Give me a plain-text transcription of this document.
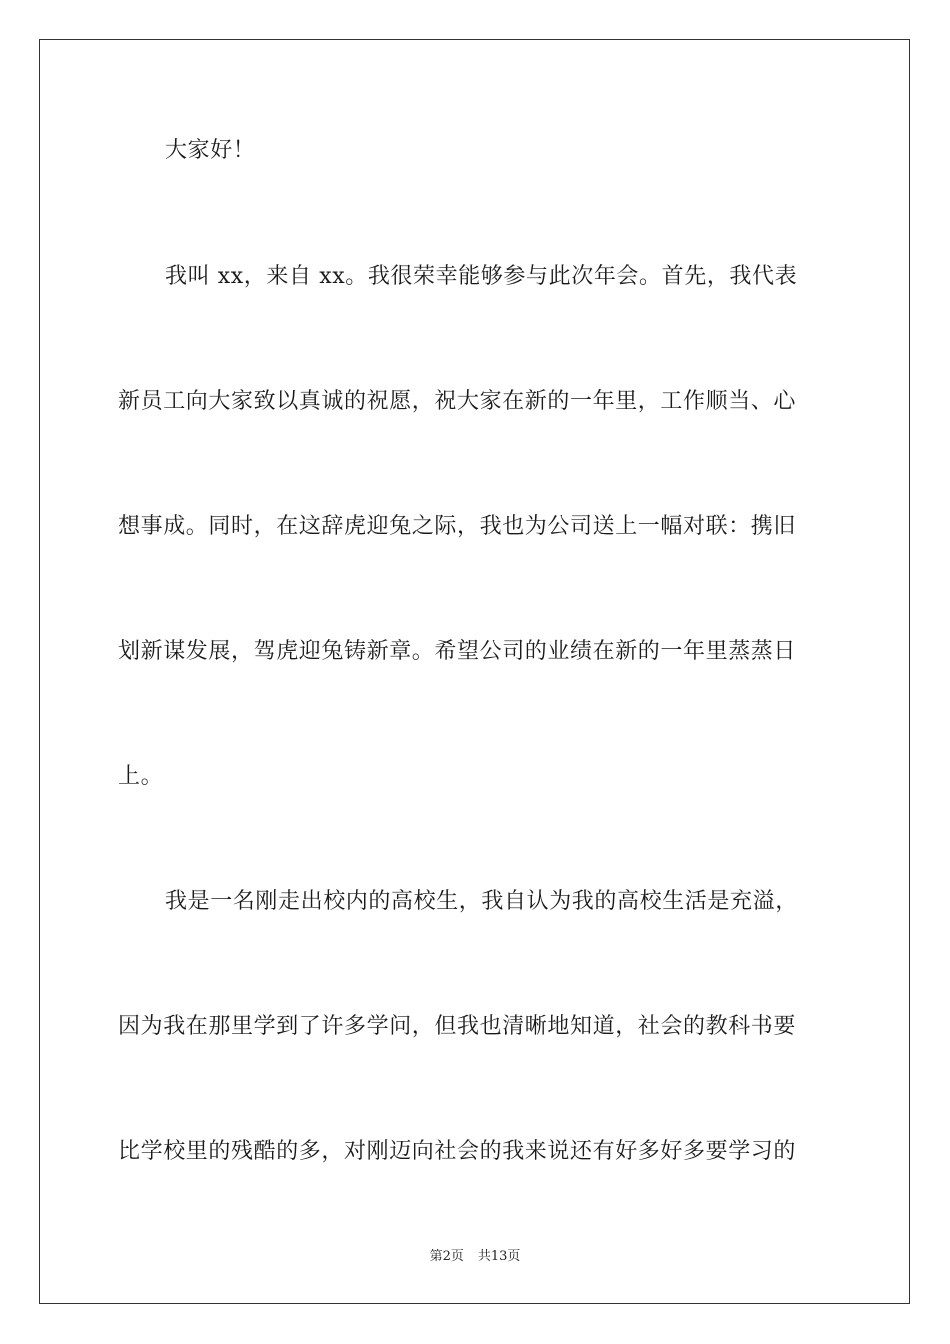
大家好！
我叫 xx，来自 xx。我很荣幸能够参与此次年会。首先，我代表
新员工向大家致以真诚的祝愿，祝大家在新的一年里，工作顺当、心
想事成。同时，在这辞虎迎兔之际，我也为公司送上一幅对联：携旧
划新谋发展，驾虎迎兔铸新章。希望公司的业绩在新的一年里蒸蒸日
上。
我是一名刚走出校内的高校生，我自认为我的高校生活是充溢，
因为我在那里学到了许多学问，但我也清晰地知道，社会的教科书要
比学校里的残酷的多，对刚迈向社会的我来说还有好多好多要学习的
第2页 共13页
